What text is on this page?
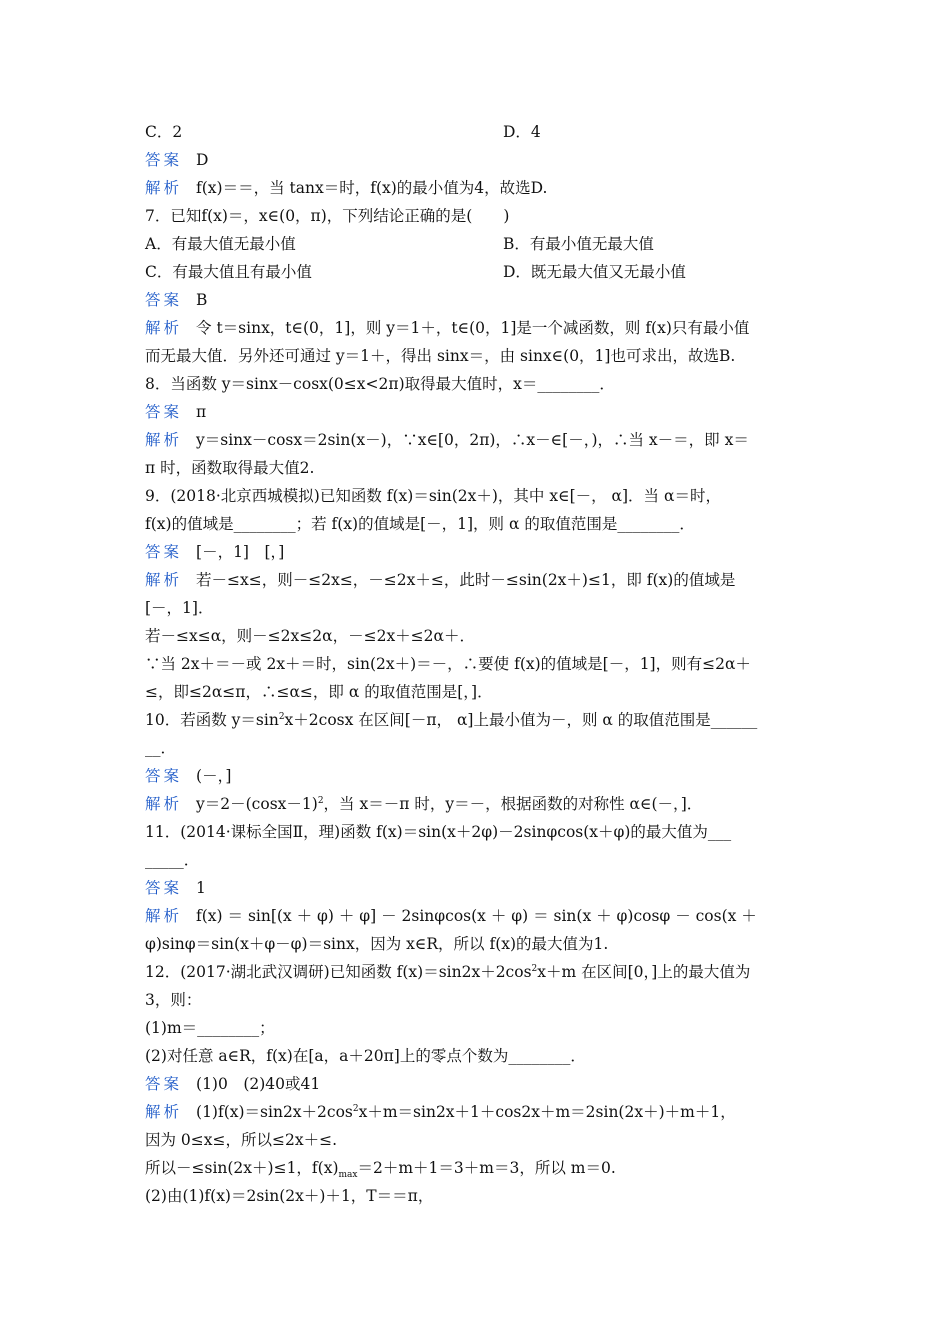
C．2	D．4
答案 D
解析 f(x)＝＝，当 tanx＝时，f(x)的最小值为4，故选D.
7．已知f(x)＝，x∈(0，π)，下列结论正确的是(　　)
A．有最大值无最小值	B．有最小值无最大值
C．有最大值且有最小值	D．既无最大值又无最小值
答案 B
解析 令 t＝sinx，t∈(0，1]，则 y＝1＋，t∈(0，1]是一个减函数，则 f(x)只有最小值
而无最大值．另外还可通过 y＝1＋，得出 sinx＝，由 sinx∈(0，1]也可求出，故选B.
8．当函数 y＝sinx－cosx(0≤x<2π)取得最大值时，x＝________．
答案 π
解析 y＝sinx－cosx＝2sin(x－)，∵x∈[0，2π)，∴x－∈[－，)，∴当 x－＝，即 x＝
π 时，函数取得最大值2.
9．(2018·北京西城模拟)已知函数 f(x)＝sin(2x＋)，其中 x∈[－， α]．当 α＝时，
f(x)的值域是________；若 f(x)的值域是[－，1]，则 α 的取值范围是________．
答案 [－，1]　[，]
解析 若－≤x≤，则－≤2x≤，－≤2x＋≤，此时－≤sin(2x＋)≤1，即 f(x)的值域是
[－，1]．
若－≤x≤α，则－≤2x≤2α，－≤2x＋≤2α＋．
∵当 2x＋＝－或 2x＋＝时，sin(2x＋)＝－，∴要使 f(x)的值域是[－，1]，则有≤2α＋
≤，即≤2α≤π，∴≤α≤，即 α 的取值范围是[，]．
10．若函数 $y=\sin^2x+2\cos x$ 在区间[－π， α]上最小值为－，则 α 的取值范围是______
__．
答案 (－，]
解析 $y=2-(\cos x-1)^2$，当 x＝－π 时，y＝－，根据函数的对称性 α∈(－，]．
11．(2014·课标全国Ⅱ，理)函数 f(x)＝sin(x＋2φ)－2sinφcos(x＋φ)的最大值为___
_____．
答案 1
解析 f(x) ＝ sin[(x ＋ φ) ＋ φ] － 2sinφcos(x ＋ φ) ＝ sin(x ＋ φ)cosφ － cos(x ＋
φ)sinφ＝sin(x＋φ－φ)＝sinx，因为 x∈R，所以 f(x)的最大值为1.
12．(2017·湖北武汉调研)已知函数 $f(x)=\sin 2x+2\cos^2x+m$ 在区间[0，]上的最大值为
3，则：
(1)m＝________；
(2)对任意 a∈R，f(x)在[a，a＋20π]上的零点个数为________．
答案 (1)0　(2)40或41
解析 $(1)f(x)=\sin 2x+2\cos^2x+m=\sin 2x+1+\cos 2x+m=2\sin(2x+)+m+1$，
因为 0≤x≤，所以≤2x＋≤.
所以－≤sin(2x＋)≤1，$f(x)_{max}=2+m+1=3+m=3$，所以 m＝0.
(2)由(1)f(x)＝2sin(2x＋)＋1，T＝＝π，
